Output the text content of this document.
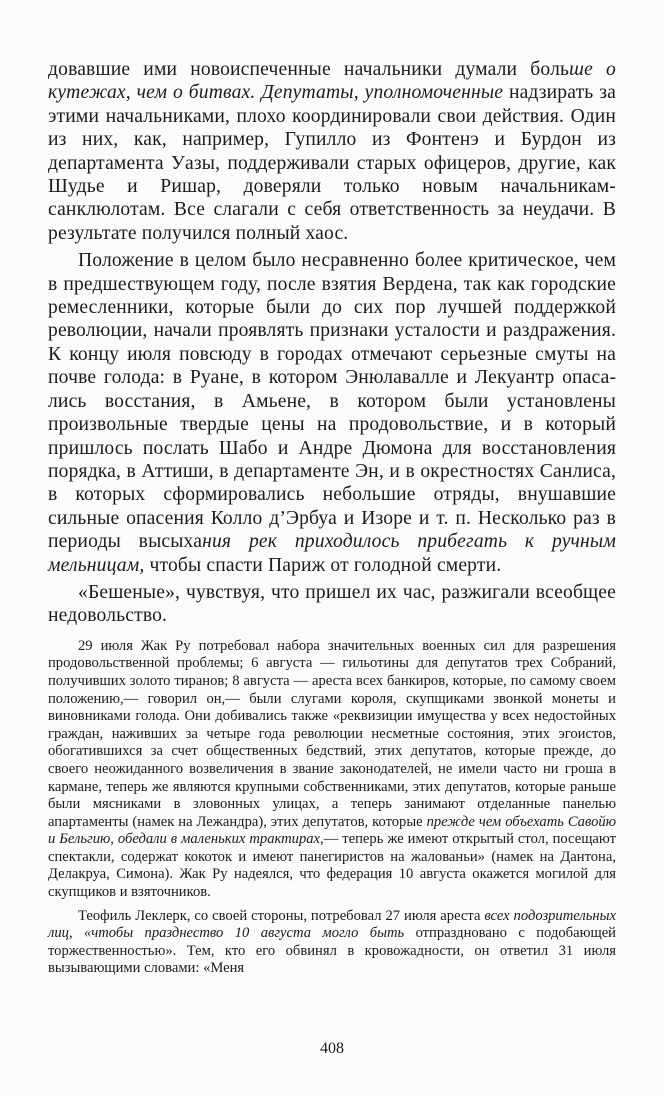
довавшие ими новоиспеченные начальники думали больше о кутежах, чем о битвах. Депутаты, уполномоченные надзирать за этими начальниками, плохо координировали свои действия. Один из них, как, например, Гупилло из Фонтенэ и Бурдон из департамента Уазы, поддерживали старых офицеров, другие, как Шудье и Ришар, доверяли только новым начальникам-санклюлотам. Все слагали с себя ответственность за неудачи. В результате получился полный хаос.

Положение в целом было несравненно более критическое, чем в предшествующем году, после взятия Вердена, так как городские ремесленники, которые были до сих пор лучшей поддержкой революции, начали проявлять признаки усталости и раздражения. К концу июля повсюду в городах отмечают серьезные смуты на почве голода: в Руане, в котором Энюлавалле и Лекуантр опасались восстания, в Амьене, в котором были установлены произвольные твердые цены на продовольствие, и в который пришлось послать Шабо и Андре Дюмона для восстановления порядка, в Аттиши, в департаменте Эн, и в окрестностях Санлиса, в которых сформировались небольшие отряды, внушавшие сильные опасения Колло д’Эрбуа и Изоре и т. п. Несколько раз в периоды высыхания рек приходилось прибегать к ручным мельницам, чтобы спасти Париж от голодной смерти.

«Бешеные», чувствуя, что пришел их час, разжигали всеобщее недовольство.

29 июля Жак Ру потребовал набора значительных военных сил для разрешения продовольственной проблемы; 6 августа — гильотины для депутатов трех Собраний, получивших золото тиранов; 8 августа — ареста всех банкиров, которые, по самому своем положению,— говорил он,— были слугами короля, скупщиками звонкой монеты и виновниками голода. Они добивались также «реквизиции имущества у всех недостойных граждан, наживших за четыре года революции несметные состояния, этих эгоистов, обогатившихся за счет общественных бедствий, этих депутатов, которые прежде, до своего неожиданного возвеличения в звание законодателей, не имели часто ни гроша в кармане, теперь же являются крупными собственниками, этих депутатов, которые раньше были мясниками в зловонных улицах, а теперь занимают отделанные панелью апартаменты (намек на Лежандра), этих депутатов, которые прежде чем объехать Савойю и Бельгию, обедали в маленьких трактирах,— теперь же имеют открытый стол, посещают спектакли, содержат кокоток и имеют панегиристов на жалованьи» (намек на Дантона, Делакруа, Симона). Жак Ру надеялся, что федерация 10 августа окажется могилой для скупщиков и взяточников.

Теофиль Леклерк, со своей стороны, потребовал 27 июля ареста всех подозрительных лиц, «чтобы празднество 10 августа могло быть отпраздновано с подобающей торжественностью». Тем, кто его обвинял в кровожадности, он ответил 31 июля вызывающими словами: «Меня

408
